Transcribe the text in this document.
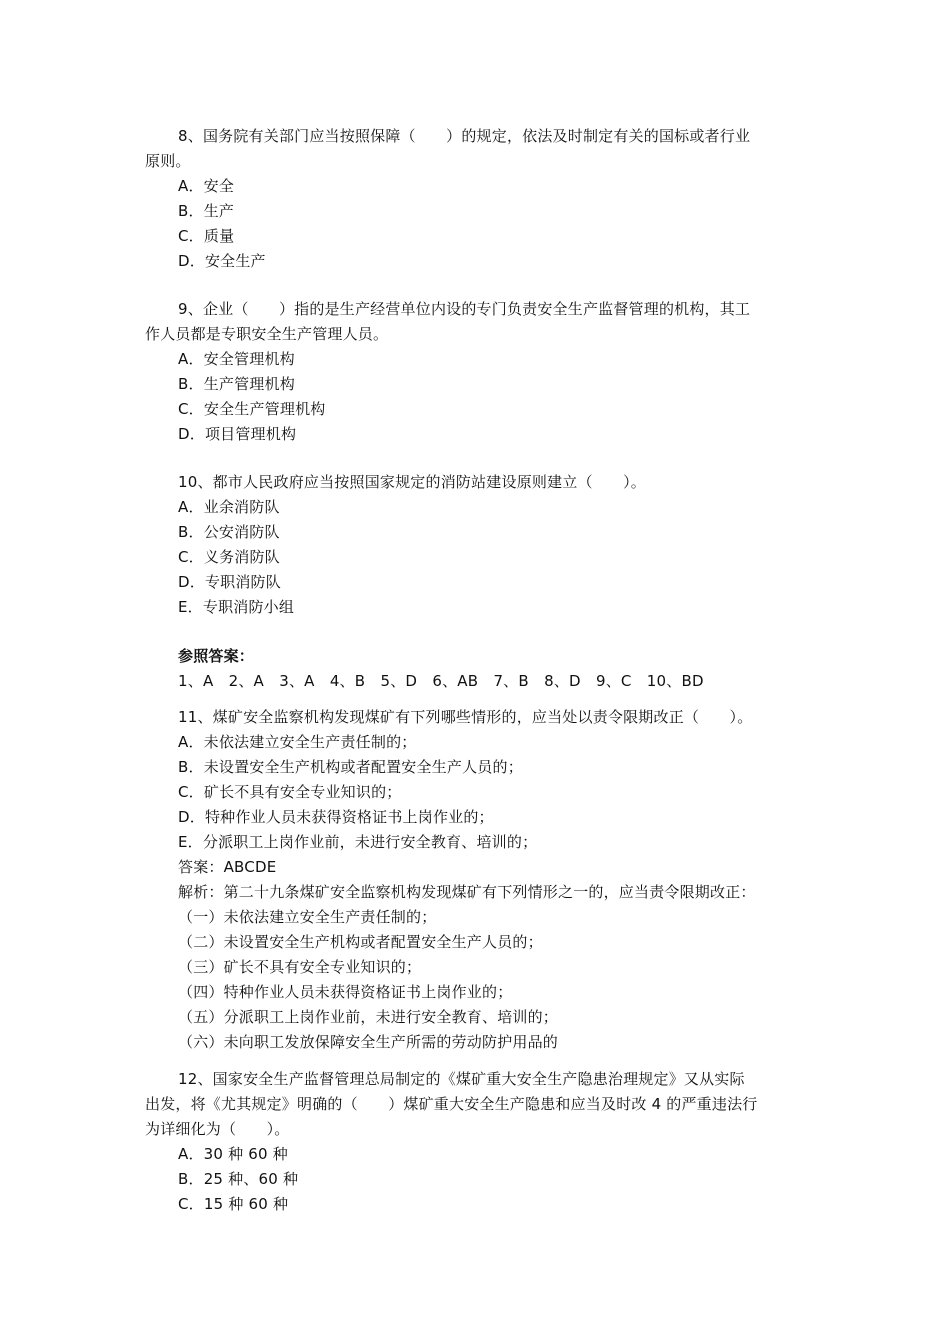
8、国务院有关部门应当按照保障（　　）的规定，依法及时制定有关的国标或者行业
原则。
A．安全
B．生产
C．质量
D．安全生产
9、企业（　　）指的是生产经营单位内设的专门负责安全生产监督管理的机构，其工
作人员都是专职安全生产管理人员。
A．安全管理机构
B．生产管理机构
C．安全生产管理机构
D．项目管理机构
10、都市人民政府应当按照国家规定的消防站建设原则建立（　　）。
A．业余消防队
B．公安消防队
C．义务消防队
D．专职消防队
E．专职消防小组
参照答案：
1、A　2、A　3、A　4、B　5、D　6、AB　7、B　8、D　9、C　10、BD
11、煤矿安全监察机构发现煤矿有下列哪些情形的，应当处以责令限期改正（　　）。
A．未依法建立安全生产责任制的；
B．未设置安全生产机构或者配置安全生产人员的；
C．矿长不具有安全专业知识的；
D．特种作业人员未获得资格证书上岗作业的；
E．分派职工上岗作业前，未进行安全教育、培训的；
答案：ABCDE
解析：第二十九条煤矿安全监察机构发现煤矿有下列情形之一的，应当责令限期改正：
（一）未依法建立安全生产责任制的；
（二）未设置安全生产机构或者配置安全生产人员的；
（三）矿长不具有安全专业知识的；
（四）特种作业人员未获得资格证书上岗作业的；
（五）分派职工上岗作业前，未进行安全教育、培训的；
（六）未向职工发放保障安全生产所需的劳动防护用品的
12、国家安全生产监督管理总局制定的《煤矿重大安全生产隐患治理规定》又从实际
出发，将《尤其规定》明确的（　　）煤矿重大安全生产隐患和应当及时改 4 的严重违法行
为详细化为（　　）。
A．30 种 60 种
B．25 种、60 种
C．15 种 60 种
